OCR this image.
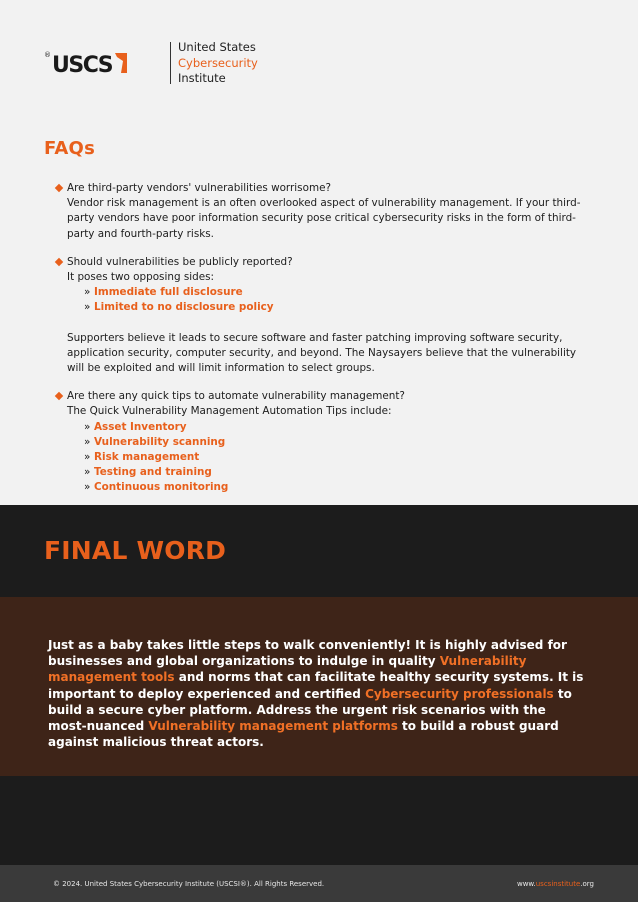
® USCS
United States
Cybersecurity
Institute
FAQs

Are third-party vendors' vulnerabilities worrisome?

Vendor risk management is an often overlooked aspect of vulnerability management. If your third-party vendors have poor information security pose critical cybersecurity risks in the form of third-party and fourth-party risks.

Should vulnerabilities be publicly reported?

It poses two opposing sides:

» Immediate full disclosure
» Limited to no disclosure policy

Supporters believe it leads to secure software and faster patching improving software security, application security, computer security, and beyond. The Naysayers believe that the vulnerability will be exploited and will limit information to select groups.

Are there any quick tips to automate vulnerability management?

The Quick Vulnerability Management Automation Tips include:

» Asset Inventory
» Vulnerability scanning
» Risk management
» Testing and training
» Continuous monitoring
FINAL WORD

Just as a baby takes little steps to walk conveniently! It is highly advised for businesses and global organizations to indulge in quality Vulnerability management tools and norms that can facilitate healthy security systems. It is important to deploy experienced and certified Cybersecurity professionals to build a secure cyber platform. Address the urgent risk scenarios with the most-nuanced Vulnerability management platforms to build a robust guard against malicious threat actors.

© 2024. United States Cybersecurity Institute (USCSI®). All Rights Reserved.	www.uscsinstitute.org
